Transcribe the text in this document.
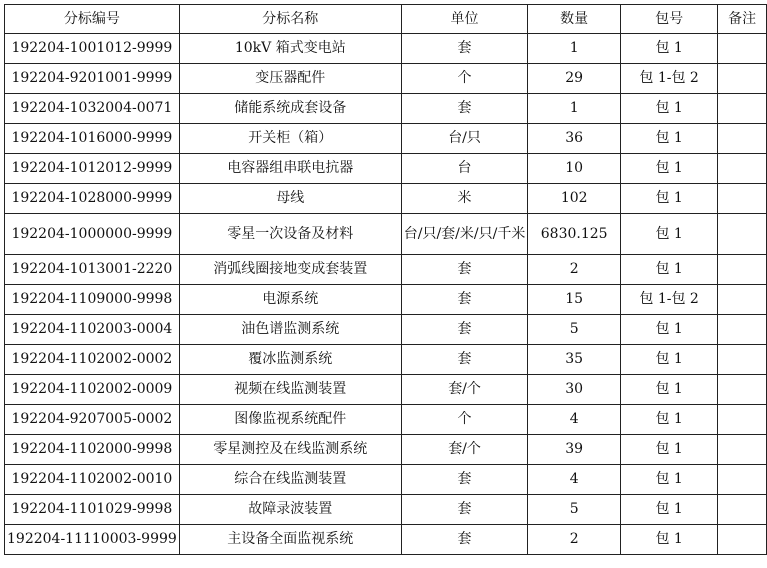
分标编号	分标名称	单位	数量	包号	备注
192204-1001012-9999	10kV 箱式变电站	套	1	包 1	
192204-9201001-9999	变压器配件	个	29	包 1-包 2	
192204-1032004-0071	储能系统成套设备	套	1	包 1	
192204-1016000-9999	开关柜（箱）	台/只	36	包 1	
192204-1012012-9999	电容器组串联电抗器	台	10	包 1	
192204-1028000-9999	母线	米	102	包 1	
192204-1000000-9999	零星一次设备及材料	台/只/套/米/只/千米	6830.125	包 1	
192204-1013001-2220	消弧线圈接地变成套装置	套	2	包 1	
192204-1109000-9998	电源系统	套	15	包 1-包 2	
192204-1102003-0004	油色谱监测系统	套	5	包 1	
192204-1102002-0002	覆冰监测系统	套	35	包 1	
192204-1102002-0009	视频在线监测装置	套/个	30	包 1	
192204-9207005-0002	图像监视系统配件	个	4	包 1	
192204-1102000-9998	零星测控及在线监测系统	套/个	39	包 1	
192204-1102002-0010	综合在线监测装置	套	4	包 1	
192204-1101029-9998	故障录波装置	套	5	包 1	
192204-11110003-9999	主设备全面监视系统	套	2	包 1	
